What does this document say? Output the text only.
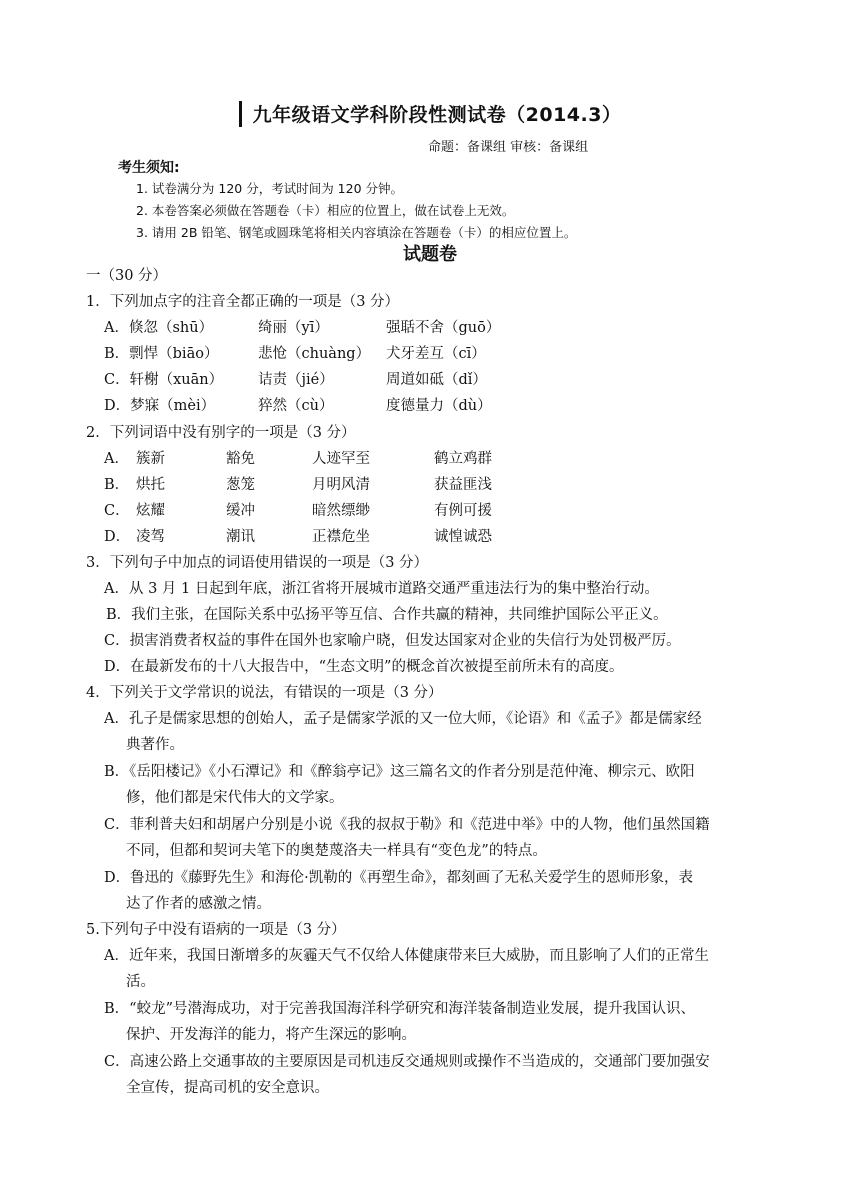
九年级语文学科阶段性测试卷（2014.3）
命题：备课组 审核：备课组
考生须知:
1. 试卷满分为 120 分，考试时间为 120 分钟。
2. 本卷答案必须做在答题卷（卡）相应的位置上，做在试卷上无效。
3. 请用 2B 铅笔、钢笔或圆珠笔将相关内容填涂在答题卷（卡）的相应位置上。
试题卷
一（30 分）
1．下列加点字的注音全都正确的一项是（3 分）
A．倏忽（shū）	绮丽（yī）	强聒不舍（guō）
B．剽悍（biāo）	悲怆（chuàng） 犬牙差互（cī）
C．轩榭（xuān） 诘责（jié）	周道如砥（dǐ）
D．梦寐（mèi）	猝然（cù）	度德量力（dù）
2．下列词语中没有别字的一项是（3 分）
A． 簇新	豁免	人迹罕至	鹤立鸡群
B． 烘托	葱笼	月明风清	获益匪浅
C． 炫耀	缓冲	暗然缥缈	有例可援
D． 凌驾	潮讯	正襟危坐	诚惶诚恐
3．下列句子中加点的词语使用错误的一项是（3 分）
A．从 3 月 1 日起到年底，浙江省将开展城市道路交通严重违法行为的集中整治行动。
B．我们主张，在国际关系中弘扬平等互信、合作共赢的精神，共同维护国际公平正义。
C．损害消费者权益的事件在国外也家喻户晓，但发达国家对企业的失信行为处罚极严厉。
D．在最新发布的十八大报告中，“生态文明”的概念首次被提至前所未有的高度。
4．下列关于文学常识的说法，有错误的一项是（3 分）
A．孔子是儒家思想的创始人，孟子是儒家学派的又一位大师，《论语》和《孟子》都是儒家经
典著作。
B．《岳阳楼记》《小石潭记》和《醉翁亭记》这三篇名文的作者分别是范仲淹、柳宗元、欧阳
修，他们都是宋代伟大的文学家。
C．菲利普夫妇和胡屠户分别是小说《我的叔叔于勒》和《范进中举》中的人物，他们虽然国籍
不同，但都和契诃夫笔下的奥楚蔑洛夫一样具有“变色龙”的特点。
D．鲁迅的《藤野先生》和海伦·凯勒的《再塑生命》，都刻画了无私关爱学生的恩师形象，表
达了作者的感激之情。
5.下列句子中没有语病的一项是（3 分）
A．近年来，我国日渐增多的灰霾天气不仅给人体健康带来巨大威胁，而且影响了人们的正常生
活。
B．“蛟龙”号潜海成功，对于完善我国海洋科学研究和海洋装备制造业发展，提升我国认识、
保护、开发海洋的能力，将产生深远的影响。
C．高速公路上交通事故的主要原因是司机违反交通规则或操作不当造成的，交通部门要加强安
全宣传，提高司机的安全意识。
